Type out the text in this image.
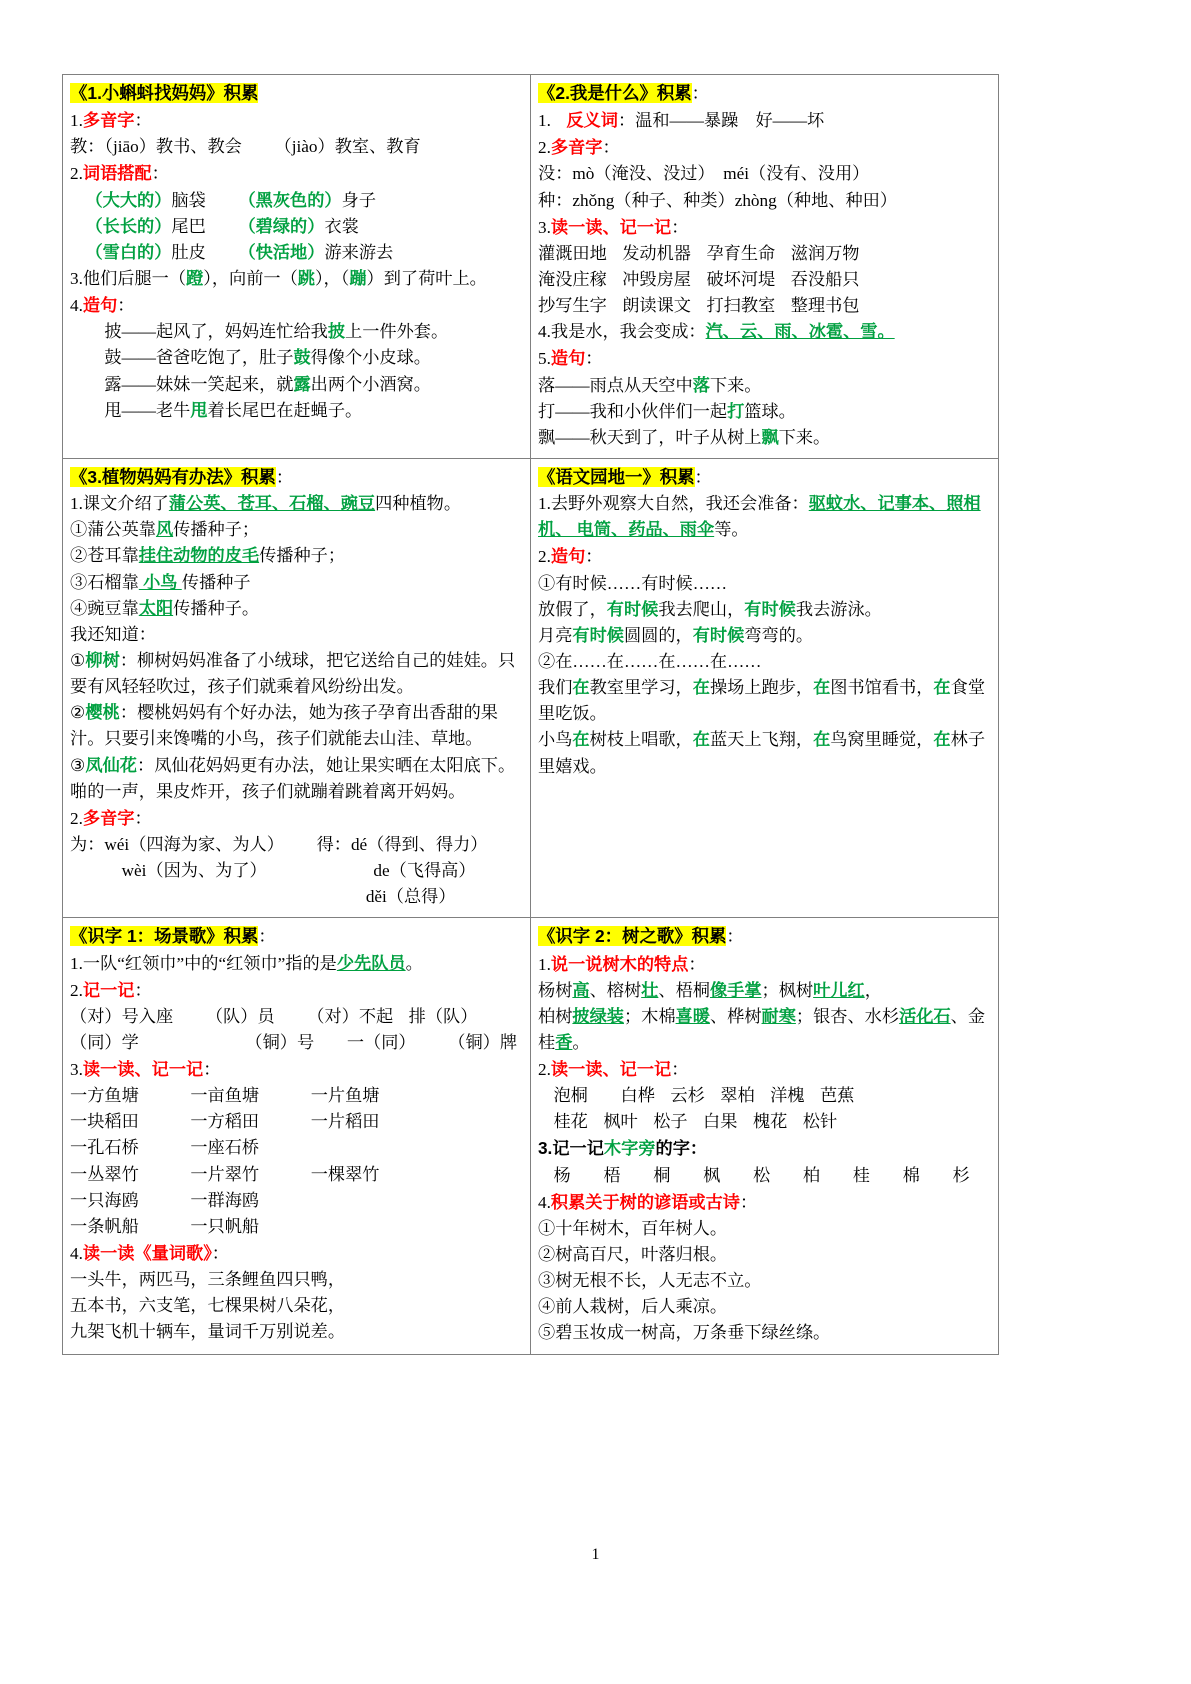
《1.小蝌蚪找妈妈》积累

1.多音字：

教：（jiāo）教书、教会 （jiào）教室、教育

2.词语搭配：

（大大的）脑袋 （黑灰色的）身子

（长长的）尾巴 （碧绿的）衣裳

（雪白的）肚皮 （快活地）游来游去

3.他们后腿一（蹬），向前一（跳），（蹦）到了荷叶上。

4.造句：

披——起风了，妈妈连忙给我披上一件外套。

鼓——爸爸吃饱了，肚子鼓得像个小皮球。

露——妹妹一笑起来，就露出两个小酒窝。

甩——老牛甩着长尾巴在赶蝇子。

《2.我是什么》积累：

1. 反义词：温和——暴躁　好——坏

2.多音字：

没：mò（淹没、没过）　méi（没有、没用）

种：zhǒng（种子、种类）zhòng（种地、种田）

3.读一读、记一记：

灌溉田地 发动机器 孕育生命 滋润万物

淹没庄稼 冲毁房屋 破坏河堤 吞没船只

抄写生字 朗读课文 打扫教室 整理书包

4.我是水，我会变成：汽、云、雨、冰雹、雪。

5.造句：

落——雨点从天空中落下来。

打——我和小伙伴们一起打篮球。

飘——秋天到了，叶子从树上飘下来。

《3.植物妈妈有办法》积累：

1.课文介绍了蒲公英、苍耳、石榴、豌豆四种植物。

①蒲公英靠风传播种子；

②苍耳靠挂住动物的皮毛传播种子；

③石榴靠 小鸟 传播种子

④豌豆靠太阳传播种子。

我还知道：

①柳树：柳树妈妈准备了小绒球，把它送给自己的娃娃。只要有风轻轻吹过，孩子们就乘着风纷纷出发。

②樱桃：樱桃妈妈有个好办法，她为孩子孕育出香甜的果汁。只要引来馋嘴的小鸟，孩子们就能去山洼、草地。

③凤仙花：凤仙花妈妈更有办法，她让果实晒在太阳底下。啪的一声，果皮炸开，孩子们就蹦着跳着离开妈妈。

2.多音字：

为：wéi（四海为家、为人） 得：dé（得到、得力）

wèi（因为、为了）	de（飞得高）

děi（总得）

《语文园地一》积累：

1.去野外观察大自然，我还会准备：驱蚊水、记事本、照相机、 电筒、药品、雨伞等。

2.造句：

①有时候……有时候……

放假了，有时候我去爬山，有时候我去游泳。

月亮有时候圆圆的，有时候弯弯的。

②在……在……在……在……

我们在教室里学习，在操场上跑步，在图书馆看书，在食堂里吃饭。

小鸟在树枝上唱歌，在蓝天上飞翔，在鸟窝里睡觉，在林子里嬉戏。

《识字 1：场景歌》积累：

1.一队“红领巾”中的“红领巾”指的是少先队员。

2.记一记：

（对）号入座 （队）员 （对）不起 排（队）

（同）学	（铜）号 一（同） （铜）牌

3.读一读、记一记：

一方鱼塘	一亩鱼塘	一片鱼塘

一块稻田	一方稻田	一片稻田

一孔石桥	一座石桥

一丛翠竹	一片翠竹	一棵翠竹

一只海鸥	一群海鸥

一条帆船	一只帆船

4.读一读《量词歌》：

一头牛，两匹马，三条鲤鱼四只鸭，

五本书，六支笔，七棵果树八朵花，

九架飞机十辆车，量词千万别说差。

《识字 2：树之歌》积累：

1.说一说树木的特点：

杨树高、榕树壮、梧桐像手掌；枫树叶儿红，

柏树披绿装；木棉喜暖、桦树耐寒；银杏、水杉活化石、金桂香。

2.读一读、记一记：

泡桐 白桦 云杉 翠柏 洋槐 芭蕉

桂花 枫叶 松子 白果 槐花 松针

3.记一记木字旁的字：

杨 梧 桐 枫 松 柏 桂 棉 杉

4.积累关于树的谚语或古诗：

①十年树木，百年树人。

②树高百尺，叶落归根。

③树无根不长，人无志不立。

④前人栽树，后人乘凉。

⑤碧玉妆成一树高，万条垂下绿丝绦。

1
